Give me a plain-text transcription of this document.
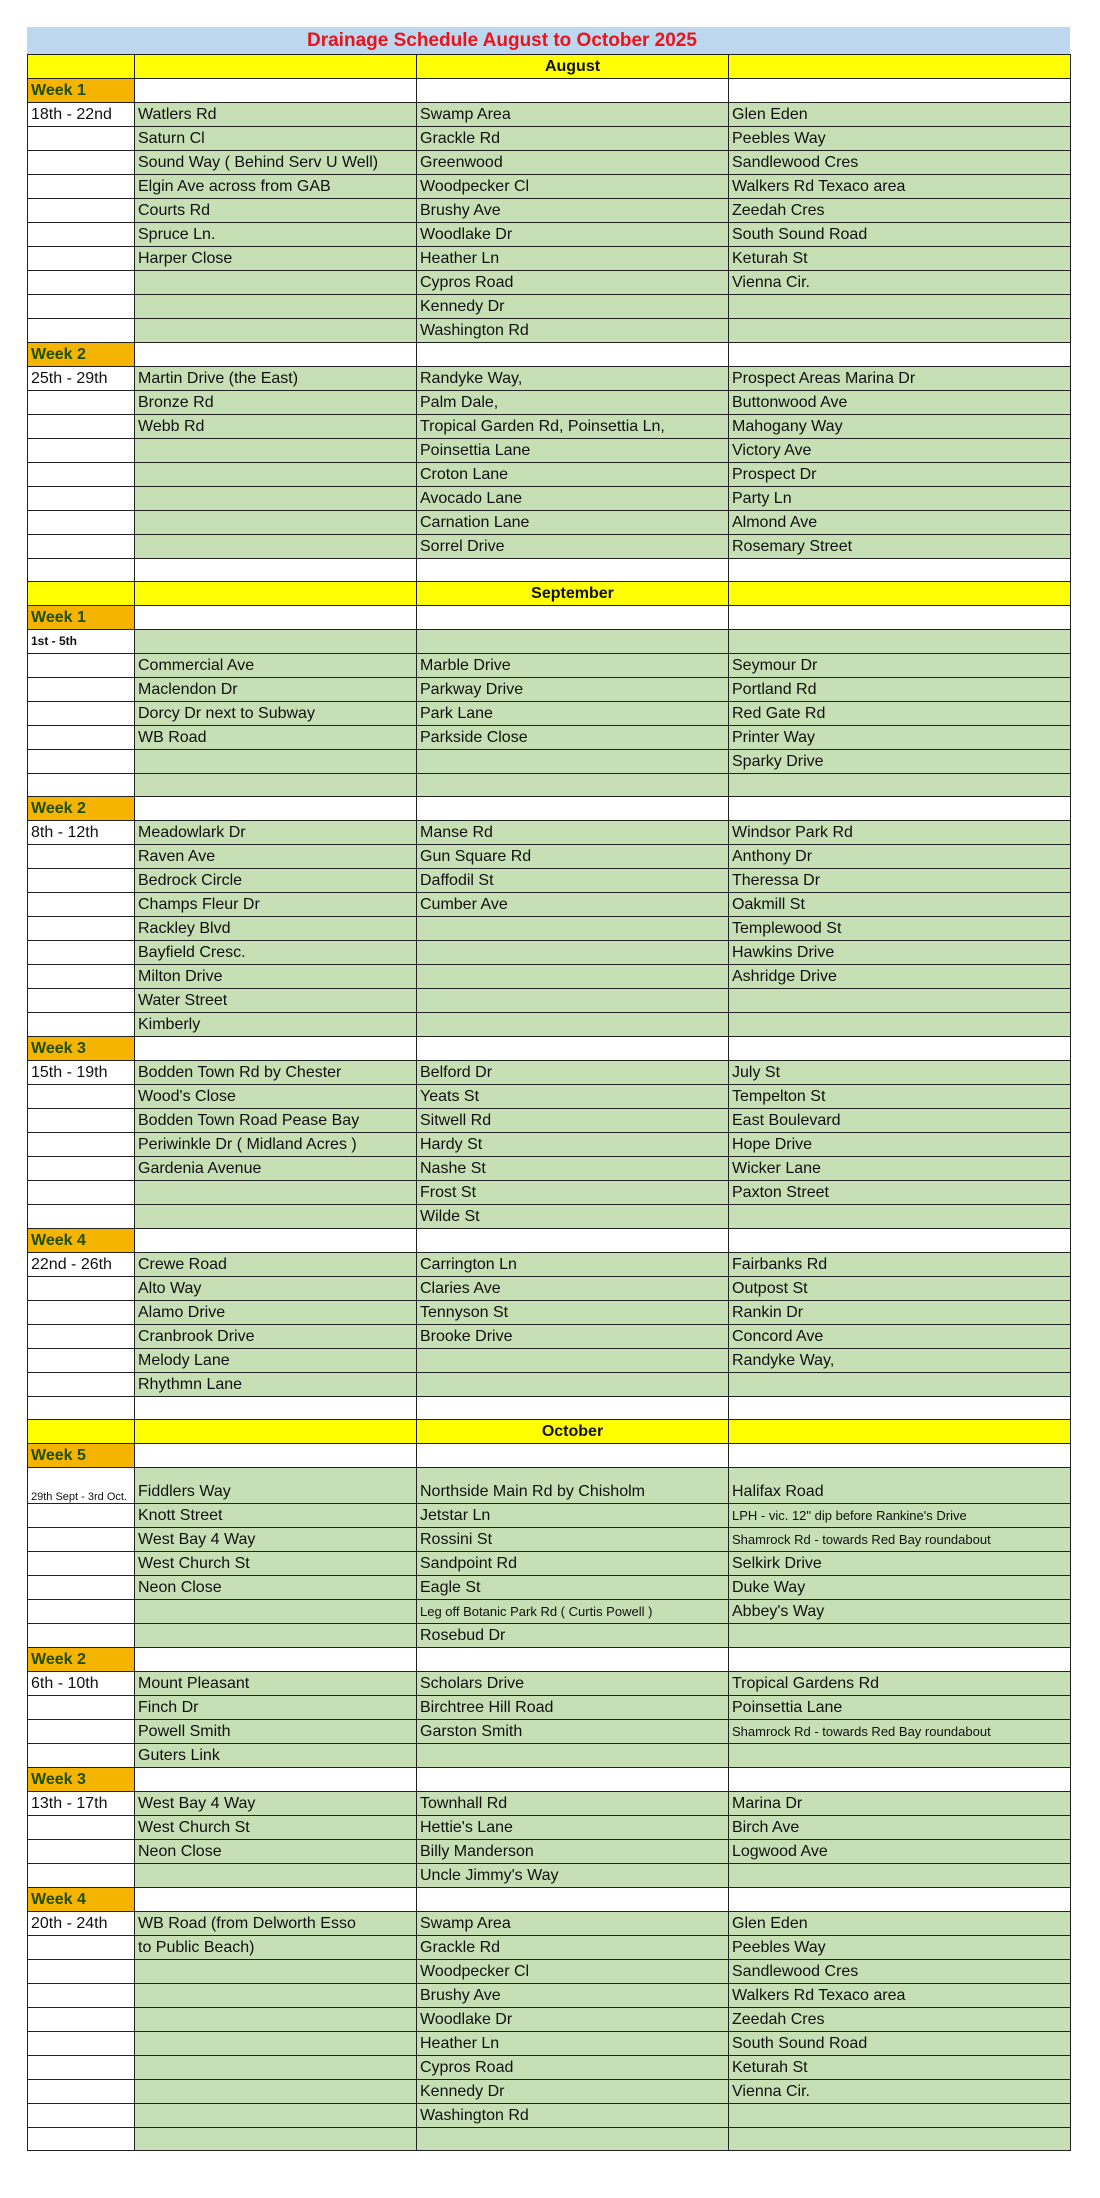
Drainage Schedule August to October 2025
		August	
Week 1			
18th - 22nd	Watlers Rd	Swamp Area	Glen Eden
	Saturn Cl	Grackle Rd	Peebles Way
	Sound Way ( Behind Serv U Well)	Greenwood	Sandlewood Cres
	Elgin Ave across from GAB	Woodpecker Cl	Walkers Rd Texaco area
	Courts Rd	Brushy Ave	Zeedah Cres
	Spruce Ln.	Woodlake Dr	South Sound Road
	Harper Close	Heather Ln	Keturah St
		Cypros Road	Vienna Cir.
		Kennedy Dr	
		Washington Rd	
Week 2			
25th - 29th	Martin Drive (the East)	Randyke Way,	Prospect Areas Marina Dr
	Bronze Rd	Palm Dale,	Buttonwood Ave
	Webb Rd	Tropical Garden Rd, Poinsettia Ln,	Mahogany Way
		Poinsettia Lane	Victory Ave
		Croton Lane	Prospect Dr
		Avocado Lane	Party Ln
		Carnation Lane	Almond Ave
		Sorrel Drive	Rosemary Street

		September	
Week 1			
1st - 5th			
	Commercial Ave	Marble Drive	Seymour Dr
	Maclendon Dr	Parkway Drive	Portland Rd
	Dorcy Dr next to Subway	Park Lane	Red Gate Rd
	WB Road	Parkside Close	Printer Way
			Sparky Drive

Week 2			
8th - 12th	Meadowlark Dr	Manse Rd	Windsor Park Rd
	Raven Ave	Gun Square Rd	Anthony Dr
	Bedrock Circle	Daffodil St	Theressa Dr
	Champs Fleur Dr	Cumber Ave	Oakmill St
	Rackley Blvd		Templewood St
	Bayfield Cresc.		Hawkins Drive
	Milton Drive		Ashridge Drive
	Water Street		
	Kimberly		
Week 3			
15th - 19th	Bodden Town Rd by Chester	Belford Dr	July St
	Wood's Close	Yeats St	Tempelton St
	Bodden Town Road Pease Bay	Sitwell Rd	East Boulevard
	Periwinkle Dr ( Midland Acres )	Hardy St	Hope Drive
	Gardenia Avenue	Nashe St	Wicker Lane
		Frost St	Paxton Street
		Wilde St	
Week 4			
22nd - 26th	Crewe Road	Carrington Ln	Fairbanks Rd
	Alto Way	Claries Ave	Outpost St
	Alamo Drive	Tennyson St	Rankin Dr
	Cranbrook Drive	Brooke Drive	Concord Ave
	Melody Lane		Randyke Way,
	Rhythmn Lane		

		October	
Week 5			
29th Sept - 3rd Oct.	Fiddlers Way	Northside Main Rd by Chisholm	Halifax Road
	Knott Street	Jetstar Ln	LPH - vic. 12" dip before Rankine's Drive
	West Bay 4 Way	Rossini St	Shamrock Rd - towards Red Bay roundabout
	West Church St	Sandpoint Rd	Selkirk Drive
	Neon Close	Eagle St	Duke Way
		Leg off Botanic Park Rd ( Curtis Powell )	Abbey's Way
		Rosebud Dr	
Week 2			
6th - 10th	Mount Pleasant	Scholars Drive	Tropical Gardens Rd
	Finch Dr	Birchtree Hill Road	Poinsettia Lane
	Powell Smith	Garston Smith	Shamrock Rd - towards Red Bay roundabout
	Guters Link		
Week 3			
13th - 17th	West Bay 4 Way	Townhall Rd	Marina Dr
	West Church St	Hettie's Lane	Birch Ave
	Neon Close	Billy Manderson	Logwood Ave
		Uncle Jimmy's Way	
Week 4			
20th - 24th	WB Road (from Delworth Esso	Swamp Area	Glen Eden
	to Public Beach)	Grackle Rd	Peebles Way
		Woodpecker Cl	Sandlewood Cres
		Brushy Ave	Walkers Rd Texaco area
		Woodlake Dr	Zeedah Cres
		Heather Ln	South Sound Road
		Cypros Road	Keturah St
		Kennedy Dr	Vienna Cir.
		Washington Rd	
